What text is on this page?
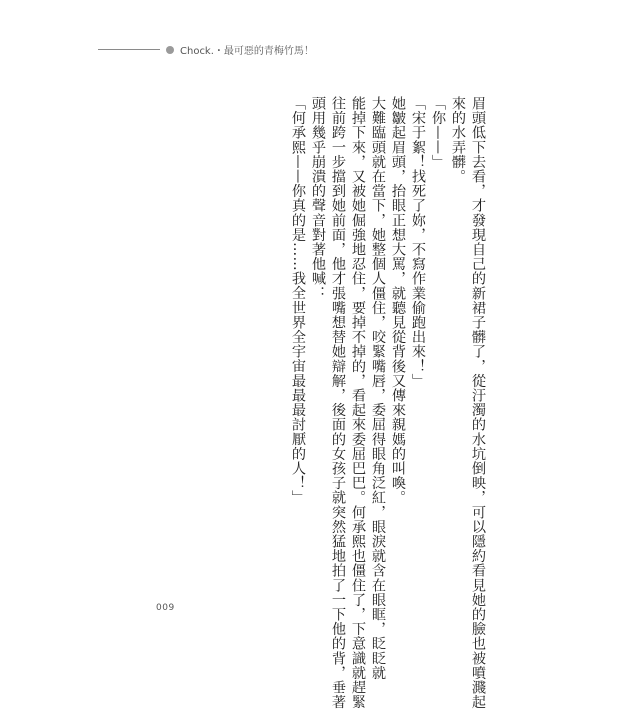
Chock.・最可惡的青梅竹馬！

眉頭低下去看，才發現自己的新裙子髒了，從汙濁的水坑倒映，可以隱約看見她的臉也被噴濺起

來的水弄髒。

「你——」

「宋于絮！找死了妳，不寫作業偷跑出來！」

她皺起眉頭，抬眼正想大罵，就聽見從背後又傳來親媽的叫喚。

大難臨頭就在當下，她整個人僵住，咬緊嘴唇，委屈得眼角泛紅，眼淚就含在眼眶，眨眨就

能掉下來，又被她倔強地忍住，要掉不掉的，看起來委屈巴巴。何承熙也僵住了，下意識就趕緊

往前跨一步擋到她前面，他才張嘴想替她辯解，後面的女孩子就突然猛地拍了一下他的背，垂著

頭用幾乎崩潰的聲音對著他喊：

「何承熙——你真的是……我全世界全宇宙最最最討厭的人！」

009
